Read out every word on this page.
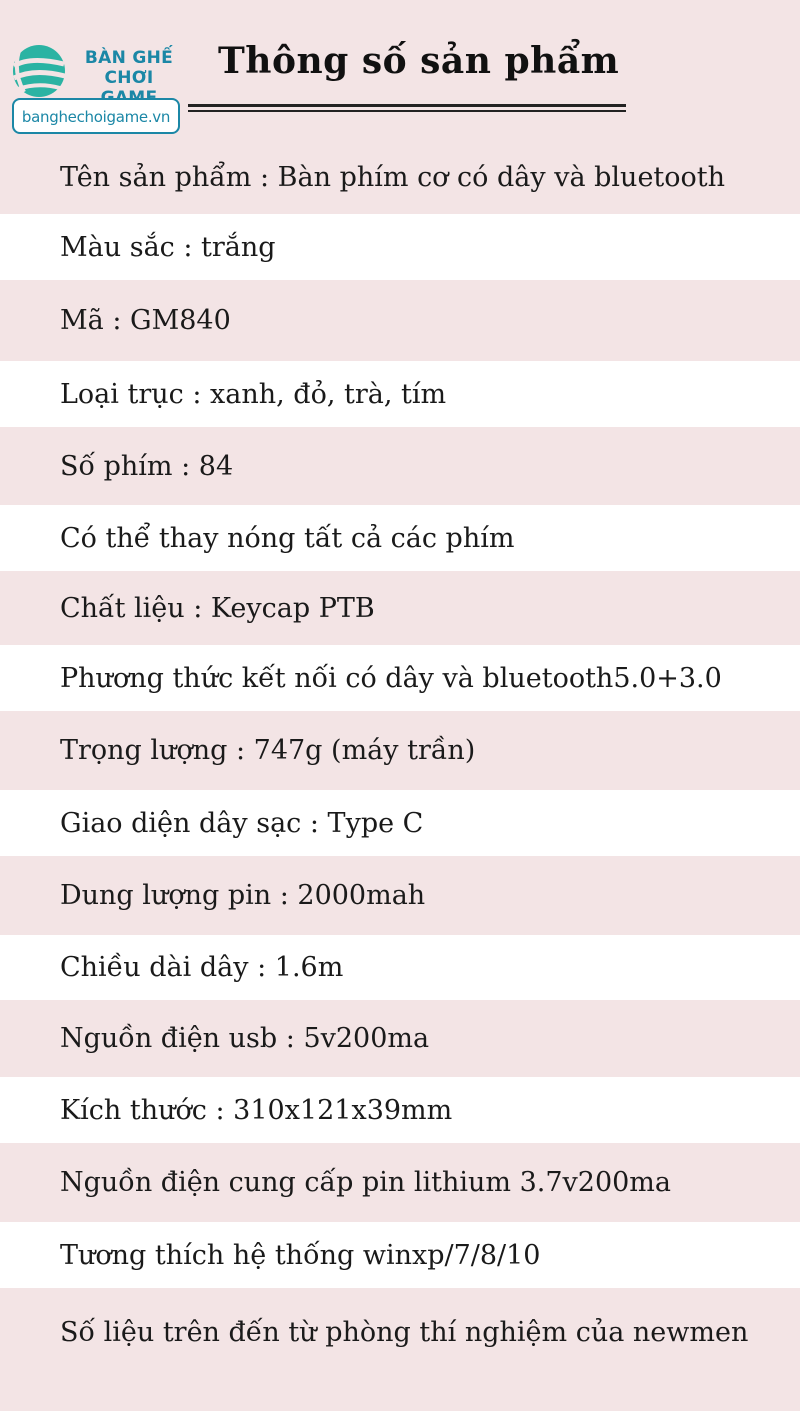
BÀN GHẾ
CHƠI
banghechoigame.vn
Thông số sản phẩm
Tên sản phẩm : Bàn phím cơ có dây và bluetooth
Màu sắc : trắng
Mã : GM840
Loại trục : xanh, đỏ, trà, tím
Số phím : 84
Có thể thay nóng tất cả các phím
Chất liệu : Keycap PTB
Phương thức kết nối có dây và bluetooth5.0+3.0
Trọng lượng : 747g (máy trần)
Giao diện dây sạc : Type C
Dung lượng pin : 2000mah
Chiều dài dây : 1.6m
Nguồn điện usb : 5v200ma
Kích thước : 310x121x39mm
Nguồn điện cung cấp pin lithium 3.7v200ma
Tương thích hệ thống winxp/7/8/10
Số liệu trên đến từ phòng thí nghiệm của newmen
